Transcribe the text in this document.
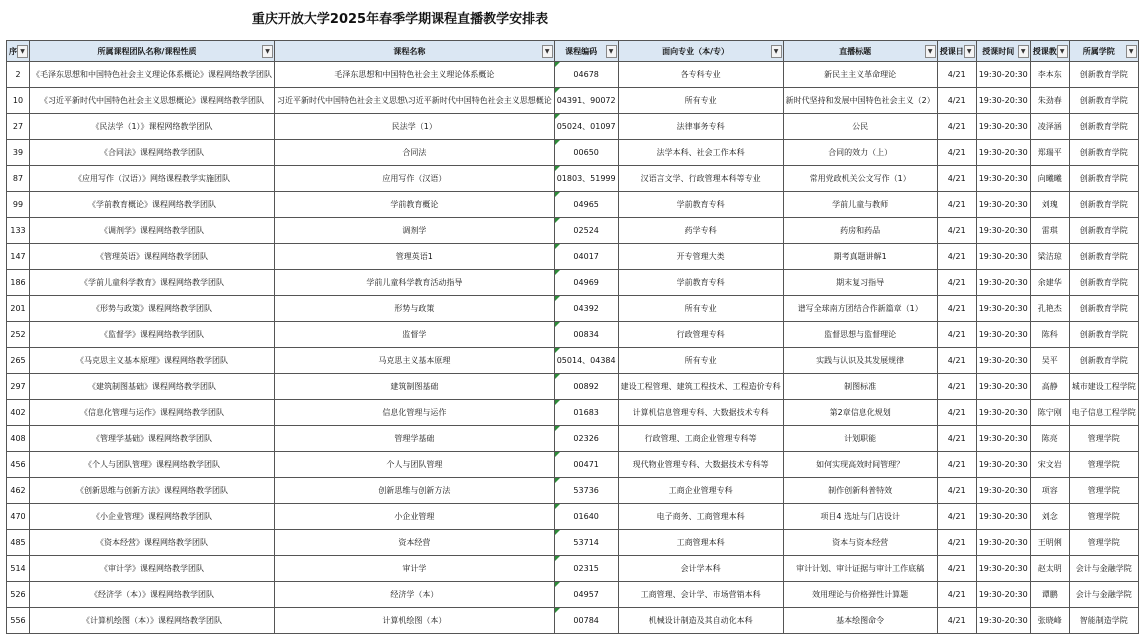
重庆开放大学2025年春季学期课程直播教学安排表
序 ▼	所属课程团队名称/课程性质 ▼	课程名称 ▼	课程编码 ▼	面向专业（本/专） ▼	直播标题 ▼	授课日 ▼	授课时间 ▼	授课教 ▼	所属学院 ▼

2	《毛泽东思想和中国特色社会主义理论体系概论》课程网络教学团队	毛泽东思想和中国特色社会主义理论体系概论	04678	各专科专业	新民主主义革命理论	4/21	19:30-20:30	李本东	创新教育学院
10	《习近平新时代中国特色社会主义思想概论》课程网络教学团队	习近平新时代中国特色社会主义思想\习近平新时代中国特色社会主义思想概论	04391、90072	所有专业	新时代坚持和发展中国特色社会主义（2）	4/21	19:30-20:30	朱劲春	创新教育学院
27	《民法学（1）》课程网络教学团队	民法学（1）	05024、01097	法律事务专科	公民	4/21	19:30-20:30	凌泽涵	创新教育学院
39	《合同法》课程网络教学团队	合同法	00650	法学本科、社会工作本科	合同的效力（上）	4/21	19:30-20:30	郑瑞平	创新教育学院
87	《应用写作（汉语）》网络课程教学实施团队	应用写作（汉语）	01803、51999	汉语言文学、行政管理本科等专业	常用党政机关公文写作（1）	4/21	19:30-20:30	向曦曦	创新教育学院
99	《学前教育概论》课程网络教学团队	学前教育概论	04965	学前教育专科	学前儿童与教师	4/21	19:30-20:30	刘瑰	创新教育学院
133	《调剂学》课程网络教学团队	调剂学	02524	药学专科	药房和药品	4/21	19:30-20:30	雷琪	创新教育学院
147	《管理英语》课程网络教学团队	管理英语1	04017	开专管理大类	期考真题讲解1	4/21	19:30-20:30	梁洁琼	创新教育学院
186	《学前儿童科学教育》课程网络教学团队	学前儿童科学教育活动指导	04969	学前教育专科	期末复习指导	4/21	19:30-20:30	余建华	创新教育学院
201	《形势与政策》课程网络教学团队	形势与政策	04392	所有专业	谱写全球南方团结合作新篇章（1）	4/21	19:30-20:30	孔艳杰	创新教育学院
252	《监督学》课程网络教学团队	监督学	00834	行政管理专科	监督思想与监督理论	4/21	19:30-20:30	陈科	创新教育学院
265	《马克思主义基本原理》课程网络教学团队	马克思主义基本原理	05014、04384	所有专业	实践与认识及其发展规律	4/21	19:30-20:30	吴平	创新教育学院
297	《建筑制图基础》课程网络教学团队	建筑制图基础	00892	建设工程管理、建筑工程技术、工程造价专科	制图标准	4/21	19:30-20:30	高静	城市建设工程学院
402	《信息化管理与运作》课程网络教学团队	信息化管理与运作	01683	计算机信息管理专科、大数据技术专科	第2章信息化规划	4/21	19:30-20:30	陈宁刚	电子信息工程学院
408	《管理学基础》课程网络教学团队	管理学基础	02326	行政管理、工商企业管理专科等	计划职能	4/21	19:30-20:30	陈亮	管理学院
456	《个人与团队管理》课程网络教学团队	个人与团队管理	00471	现代物业管理专科、大数据技术专科等	如何实现高效时间管理？	4/21	19:30-20:30	宋文岩	管理学院
462	《创新思维与创新方法》课程网络教学团队	创新思维与创新方法	53736	工商企业管理专科	制作创新科普特效	4/21	19:30-20:30	项容	管理学院
470	《小企业管理》课程网络教学团队	小企业管理	01640	电子商务、工商管理本科	项目4 选址与门店设计	4/21	19:30-20:30	刘念	管理学院
485	《资本经营》课程网络教学团队	资本经营	53714	工商管理本科	资本与资本经营	4/21	19:30-20:30	王明俐	管理学院
514	《审计学》课程网络教学团队	审计学	02315	会计学本科	审计计划、审计证据与审计工作底稿	4/21	19:30-20:30	赵太明	会计与金融学院
526	《经济学（本）》课程网络教学团队	经济学（本）	04957	工商管理、会计学、市场营销本科	效用理论与价格弹性计算题	4/21	19:30-20:30	谭鹏	会计与金融学院
556	《计算机绘图（本）》课程网络教学团队	计算机绘图（本）	00784	机械设计制造及其自动化本科	基本绘图命令	4/21	19:30-20:30	张晓峰	智能制造学院
